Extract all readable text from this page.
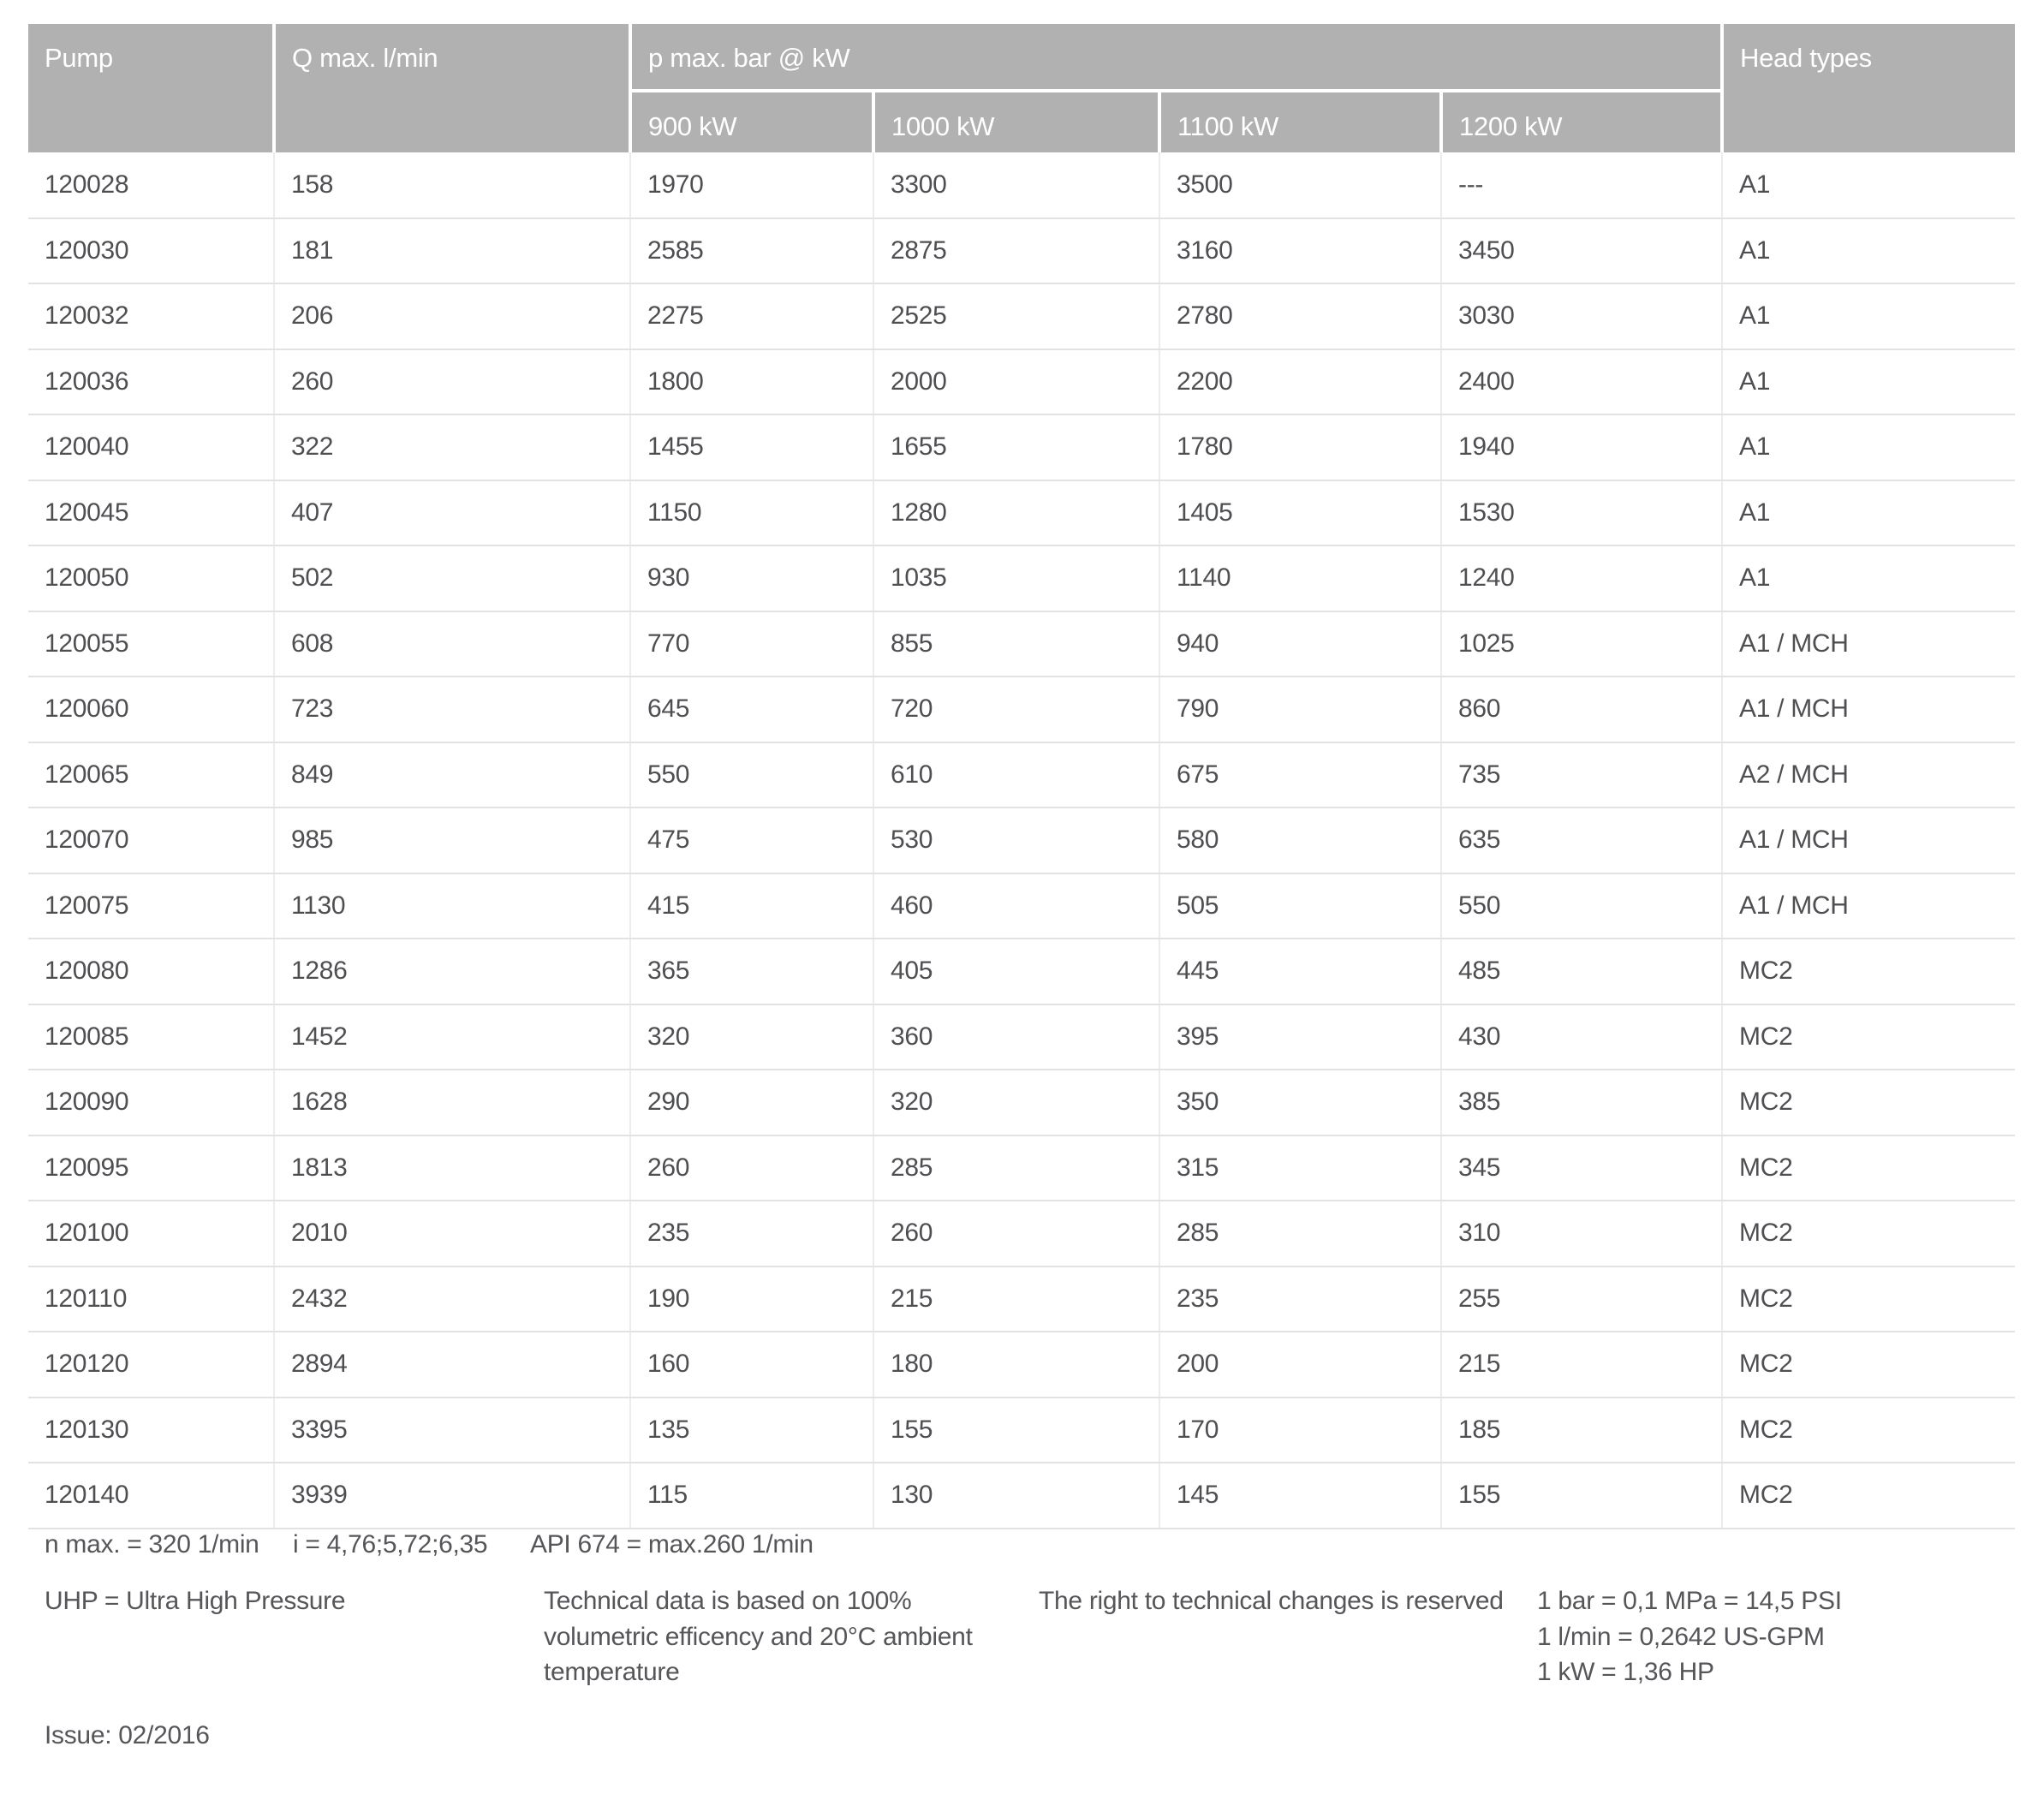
Pump	Q max. l/min	p max. bar @ kW				Head types
		900 kW	1000 kW	1100 kW	1200 kW	
120028	158	1970	3300	3500	---	A1
120030	181	2585	2875	3160	3450	A1
120032	206	2275	2525	2780	3030	A1
120036	260	1800	2000	2200	2400	A1
120040	322	1455	1655	1780	1940	A1
120045	407	1150	1280	1405	1530	A1
120050	502	930	1035	1140	1240	A1
120055	608	770	855	940	1025	A1 / MCH
120060	723	645	720	790	860	A1 / MCH
120065	849	550	610	675	735	A2 / MCH
120070	985	475	530	580	635	A1 / MCH
120075	1130	415	460	505	550	A1 / MCH
120080	1286	365	405	445	485	MC2
120085	1452	320	360	395	430	MC2
120090	1628	290	320	350	385	MC2
120095	1813	260	285	315	345	MC2
120100	2010	235	260	285	310	MC2
120110	2432	190	215	235	255	MC2
120120	2894	160	180	200	215	MC2
120130	3395	135	155	170	185	MC2
120140	3939	115	130	145	155	MC2
n max. = 320 1/min i = 4,76;5,72;6,35 API 674 = max.260 1/min
UHP = Ultra High Pressure	Technical data is based on 100%
volumetric efficency and 20°C ambient
temperature
The right to technical changes is reserved 1 bar = 0,1 MPa = 14,5 PSI
1 l/min = 0,2642 US-GPM
1 kW = 1,36 HP
Issue: 02/2016
